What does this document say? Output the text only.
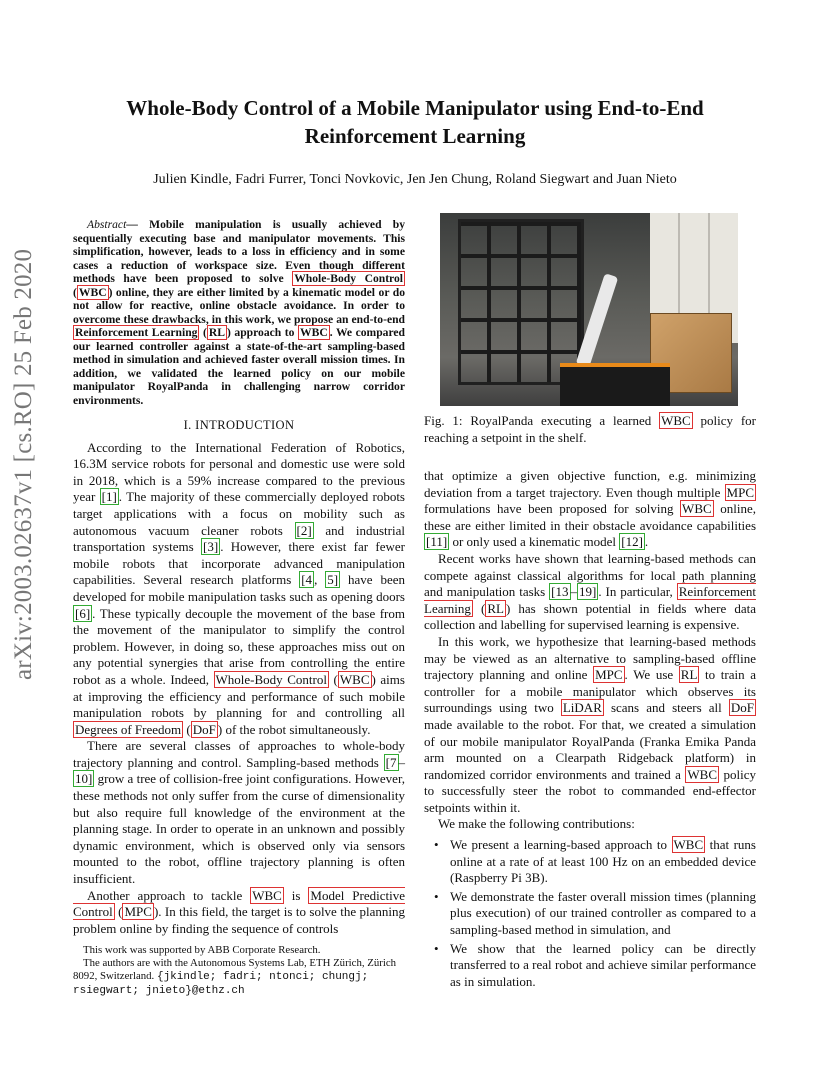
arXiv:2003.02637v1 [cs.RO] 25 Feb 2020
Whole-Body Control of a Mobile Manipulator using End-to-End
Reinforcement Learning
Julien Kindle, Fadri Furrer, Tonci Novkovic, Jen Jen Chung, Roland Siegwart and Juan Nieto

Abstract— Mobile manipulation is usually achieved by sequentially executing base and manipulator movements. This simplification, however, leads to a loss in efficiency and in some cases a reduction of workspace size. Even though different methods have been proposed to solve Whole-Body Control ( WBC ) online, they are either limited by a kinematic model or do not allow for reactive, online obstacle avoidance. In order to overcome these drawbacks, in this work, we propose an end-to-end Reinforcement Learning ( RL ) approach to WBC . We compared our learned controller against a state-of-the-art sampling-based method in simulation and achieved faster overall mission times. In addition, we validated the learned policy on our mobile manipulator RoyalPanda in challenging narrow corridor environments.

I. INTRODUCTION

According to the International Federation of Robotics, 16.3M service robots for personal and domestic use were sold in 2018, which is a 59% increase compared to the previous year [1] . The majority of these commercially deployed robots target applications with a focus on mobility such as autonomous vacuum cleaner robots [2] and industrial transportation systems [3] . However, there exist far fewer mobile robots that incorporate advanced manipulation capabilities. Several research platforms [4 , 5] have been developed for mobile manipulation tasks such as opening doors [6] . These typically decouple the movement of the base from the movement of the manipulator to simplify the control problem. However, in doing so, these approaches miss out on any potential synergies that arise from controlling the entire robot as a whole. Indeed, Whole-Body Control ( WBC ) aims at improving the efficiency and performance of such mobile manipulation robots by planning for and controlling all Degrees of Freedom ( DoF ) of the robot simultaneously.

There are several classes of approaches to whole-body trajectory planning and control. Sampling-based methods [7 –10] grow a tree of collision-free joint configurations. However, these methods not only suffer from the curse of dimensionality but also require full knowledge of the environment at the planning stage. In order to operate in an unknown and possibly dynamic environment, which is observed only via sensors mounted to the robot, offline trajectory planning is often insufficient.

Another approach to tackle WBC is Model Predictive Control ( MPC ). In this field, the target is to solve the planning problem online by finding the sequence of controls

This work was supported by ABB Corporate Research.

The authors are with the Autonomous Systems Lab, ETH Zürich, Zürich 8092, Switzerland. {jkindle; fadri; ntonci; chungj; rsiegwart; jnieto}@ethz.ch

Fig. 1: RoyalPanda executing a learned WBC policy for reaching a setpoint in the shelf.

that optimize a given objective function, e.g. minimizing deviation from a target trajectory. Even though multiple MPC formulations have been proposed for solving WBC online, these are either limited in their obstacle avoidance capabilities [11] or only used a kinematic model [12] .

Recent works have shown that learning-based methods can compete against classical algorithms for local path planning and manipulation tasks [13 – 19] . In particular, Reinforcement Learning ( RL ) has shown potential in fields where data collection and labelling for supervised learning is expensive.

In this work, we hypothesize that learning-based methods may be viewed as an alternative to sampling-based offline trajectory planning and online MPC . We use RL to train a controller for a mobile manipulator which observes its surroundings using two LiDAR scans and steers all DoF made available to the robot. For that, we created a simulation of our mobile manipulator RoyalPanda (Franka Emika Panda arm mounted on a Clearpath Ridgeback platform) in randomized corridor environments and trained a WBC policy to successfully steer the robot to commanded end-effector setpoints within it.

We make the following contributions:

• We present a learning-based approach to WBC that runs online at a rate of at least 100 Hz on an embedded device (Raspberry Pi 3B).
• We demonstrate the faster overall mission times (planning plus execution) of our trained controller as compared to a sampling-based method in simulation, and
• We show that the learned policy can be directly transferred to a real robot and achieve similar performance as in simulation.
